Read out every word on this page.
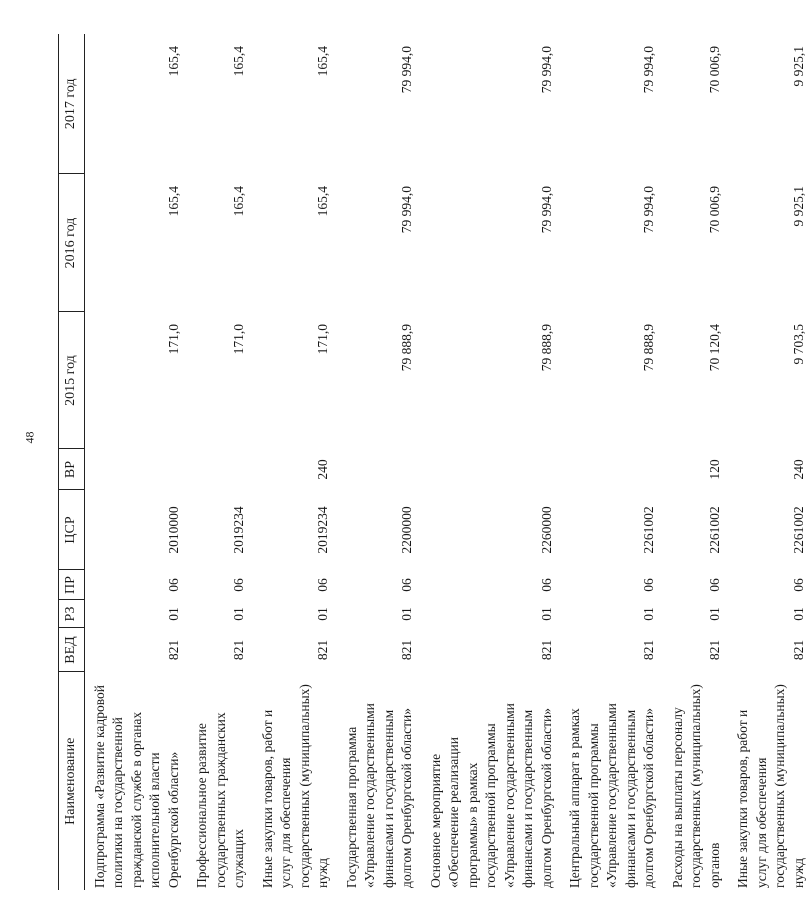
48
Наименование	ВЕД	РЗ	ПР	ЦСР	ВР	2015 год	2016 год	2017 год
Подпрограмма «Развитие кадровой политики на государственной гражданской службе в органах исполнительной власти Оренбургской области»	821	01	06	2010000		171,0	165,4	165,4
Профессиональное развитие государственных гражданских служащих	821	01	06	2019234		171,0	165,4	165,4
Иные закупки товаров, работ и услуг для обеспечения государственных (муниципальных) нужд	821	01	06	2019234	240	171,0	165,4	165,4
Государственная программа «Управление государственными финансами и государственным долгом Оренбургской области»	821	01	06	2200000		79 888,9	79 994,0	79 994,0
Основное мероприятие «Обеспечение реализации программы» в рамках государственной программы «Управление государственными финансами и государственным долгом Оренбургской области»	821	01	06	2260000		79 888,9	79 994,0	79 994,0
Центральный аппарат в рамках государственной программы «Управление государственными финансами и государственным долгом Оренбургской области»	821	01	06	2261002		79 888,9	79 994,0	79 994,0
Расходы на выплаты персоналу государственных (муниципальных) органов	821	01	06	2261002	120	70 120,4	70 006,9	70 006,9
Иные закупки товаров, работ и услуг для обеспечения государственных (муниципальных) нужд	821	01	06	2261002	240	9 703,5	9 925,1	9 925,1
